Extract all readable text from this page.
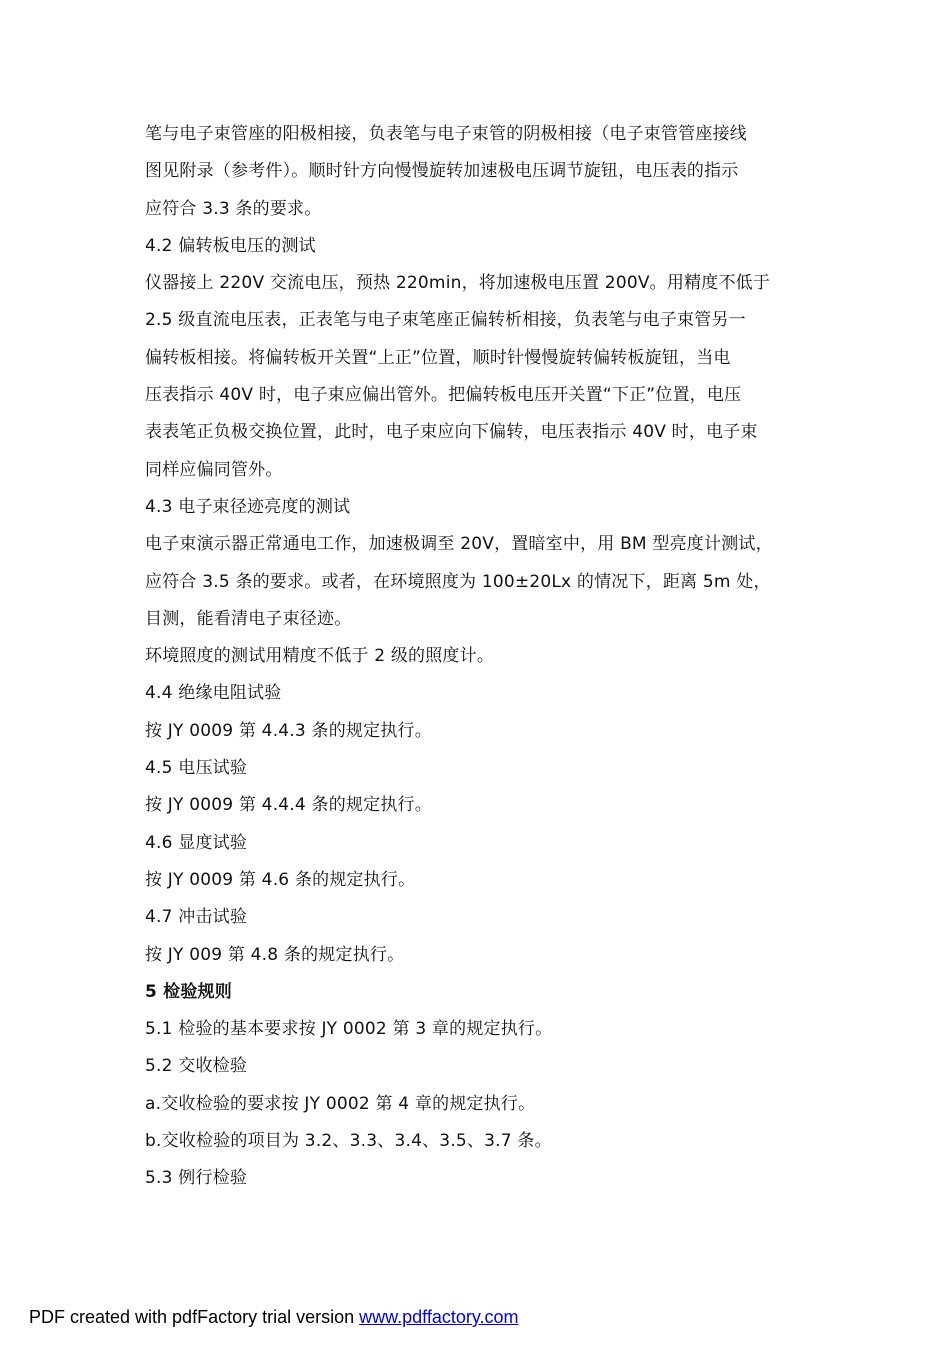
笔与电子束管座的阳极相接，负表笔与电子束管的阴极相接（电子束管管座接线
图见附录（参考件）。顺时针方向慢慢旋转加速极电压调节旋钮，电压表的指示
应符合 3.3 条的要求。
4.2 偏转板电压的测试
仪器接上 220V 交流电压，预热 220min，将加速极电压置 200V。用精度不低于
2.5 级直流电压表，正表笔与电子束笔座正偏转析相接，负表笔与电子束管另一
偏转板相接。将偏转板开关置“上正”位置，顺时针慢慢旋转偏转板旋钮，当电
压表指示 40V 时，电子束应偏出管外。把偏转板电压开关置“下正”位置，电压
表表笔正负极交换位置，此时，电子束应向下偏转，电压表指示 40V 时，电子束
同样应偏同管外。
4.3 电子束径迹亮度的测试
电子束演示器正常通电工作，加速极调至 20V，置暗室中，用 BM 型亮度计测试，
应符合 3.5 条的要求。或者，在环境照度为 100±20Lx 的情况下，距离 5m 处，
目测，能看清电子束径迹。
环境照度的测试用精度不低于 2 级的照度计。
4.4 绝缘电阻试验
按 JY 0009 第 4.4.3 条的规定执行。
4.5 电压试验
按 JY 0009 第 4.4.4 条的规定执行。
4.6 显度试验
按 JY 0009 第 4.6 条的规定执行。
4.7 冲击试验
按 JY 009 第 4.8 条的规定执行。
5 检验规则
5.1 检验的基本要求按 JY 0002 第 3 章的规定执行。
5.2 交收检验
a.交收检验的要求按 JY 0002 第 4 章的规定执行。
b.交收检验的项目为 3.2、3.3、3.4、3.5、3.7 条。
5.3 例行检验
PDF created with pdfFactory trial version www.pdffactory.com
